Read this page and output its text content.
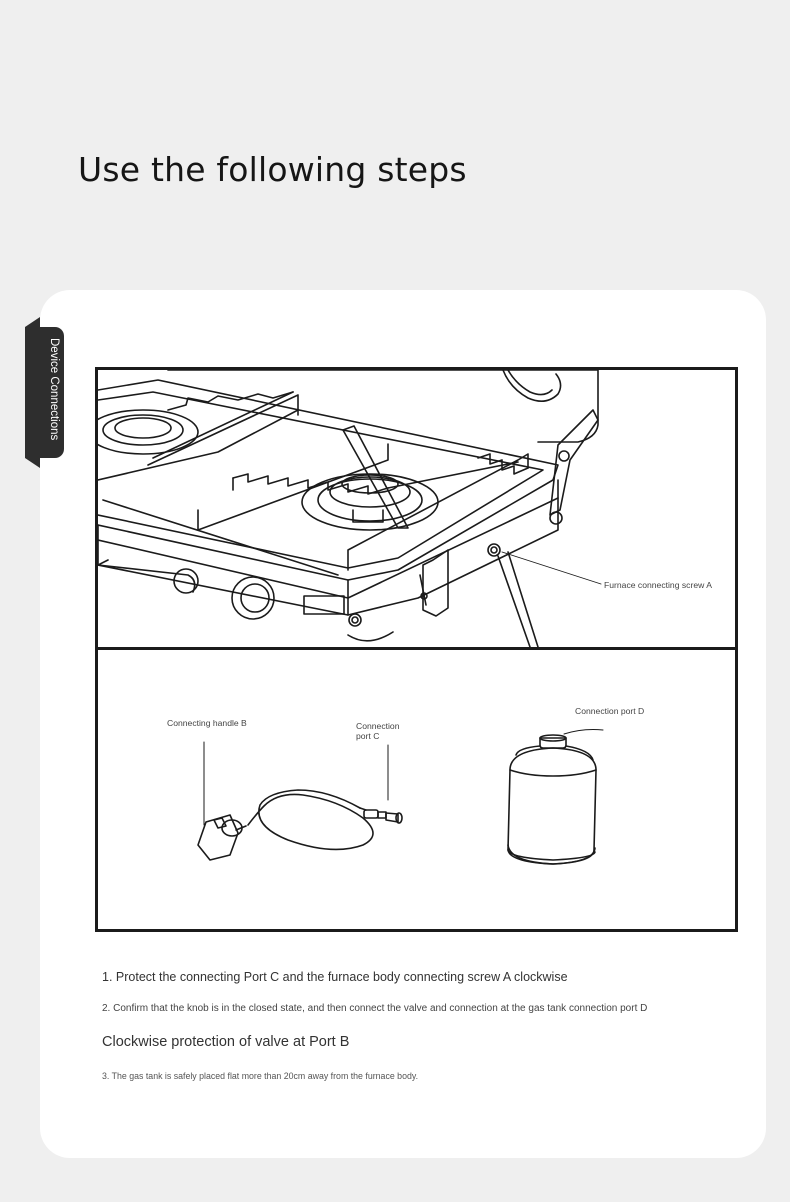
Use the following steps
Device Connections
Furnace connecting screw A
Connecting handle B	Connection port C
Connection port D

1. Protect the connecting Port C and the furnace body connecting screw A clockwise

2. Confirm that the knob is in the closed state, and then connect the valve and connection at the gas tank connection port D

Clockwise protection of valve at Port B

3. The gas tank is safely placed flat more than 20cm away from the furnace body.
